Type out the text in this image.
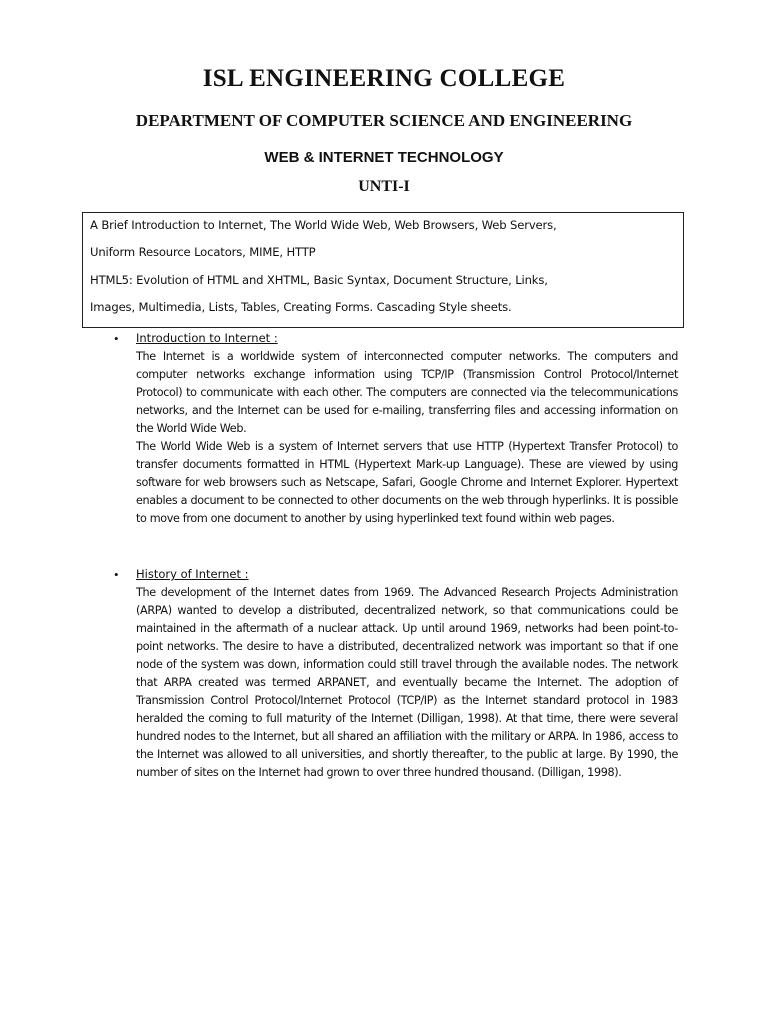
ISL ENGINEERING COLLEGE
DEPARTMENT OF COMPUTER SCIENCE AND ENGINEERING
WEB & INTERNET TECHNOLOGY
UNTI-I
A Brief Introduction to Internet, The World Wide Web, Web Browsers, Web Servers,
Uniform Resource Locators, MIME, HTTP
HTML5: Evolution of HTML and XHTML, Basic Syntax, Document Structure, Links,
Images, Multimedia, Lists, Tables, Creating Forms. Cascading Style sheets.
• Introduction to Internet :

The Internet is a worldwide system of interconnected computer networks. The computers and computer networks exchange information using TCP/IP (Transmission Control Protocol/Internet Protocol) to communicate with each other. The computers are connected via the telecommunications networks, and the Internet can be used for e-mailing, transferring files and accessing information on the World Wide Web.

The World Wide Web is a system of Internet servers that use HTTP (Hypertext Transfer Protocol) to transfer documents formatted in HTML (Hypertext Mark-up Language). These are viewed by using software for web browsers such as Netscape, Safari, Google Chrome and Internet Explorer. Hypertext enables a document to be connected to other documents on the web through hyperlinks. It is possible to move from one document to another by using hyperlinked text found within web pages.

• History of Internet :

The development of the Internet dates from 1969. The Advanced Research Projects Administration (ARPA) wanted to develop a distributed, decentralized network, so that communications could be maintained in the aftermath of a nuclear attack. Up until around 1969, networks had been point-to-point networks. The desire to have a distributed, decentralized network was important so that if one node of the system was down, information could still travel through the available nodes. The network that ARPA created was termed ARPANET, and eventually became the Internet. The adoption of Transmission Control Protocol/Internet Protocol (TCP/IP) as the Internet standard protocol in 1983 heralded the coming to full maturity of the Internet (Dilligan, 1998). At that time, there were several hundred nodes to the Internet, but all shared an affiliation with the military or ARPA. In 1986, access to the Internet was allowed to all universities, and shortly thereafter, to the public at large. By 1990, the number of sites on the Internet had grown to over three hundred thousand. (Dilligan, 1998).
